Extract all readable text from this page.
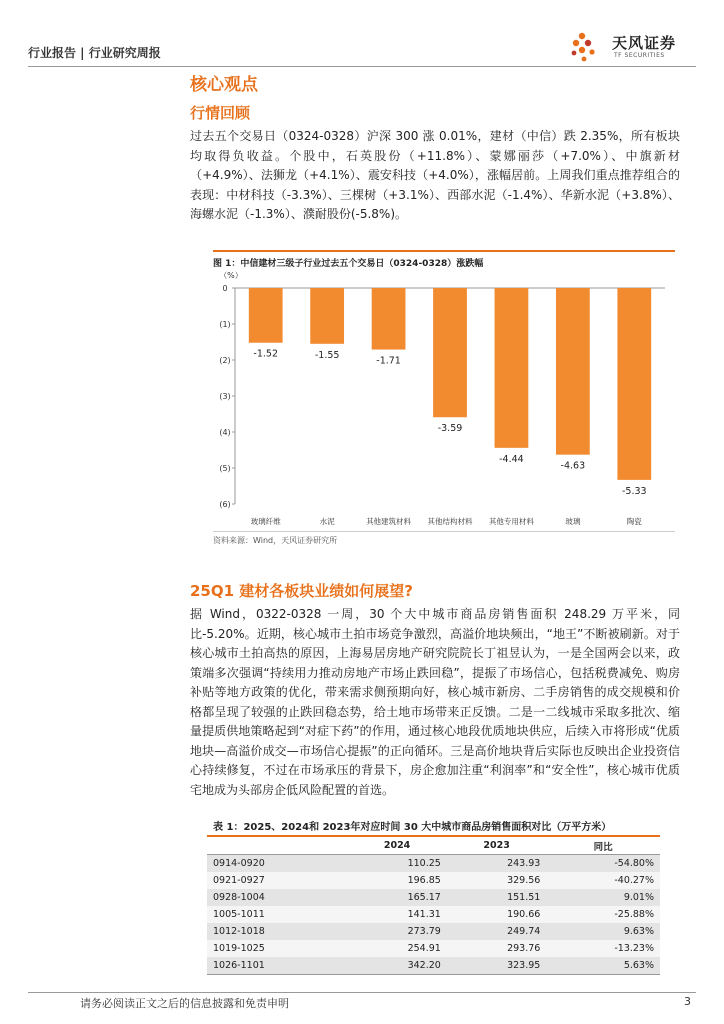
行业报告 | 行业研究周报
天风证券
TF SECURITIES
核心观点
行情回顾
过去五个交易日（0324-0328）沪深 300 涨 0.01%，建材（中信）跌 2.35%，所有板块均取得负收益。个股中，石英股份（+11.8%）、蒙娜丽莎（+7.0%）、中旗新材（+4.9%）、法狮龙（+4.1%）、震安科技（+4.0%），涨幅居前。上周我们重点推荐组合的表现：中材科技（-3.3%）、三棵树（+3.1%）、西部水泥（-1.4%）、华新水泥（+3.8%）、海螺水泥（-1.3%）、濮耐股份(-5.8%)。
图 1：中信建材三级子行业过去五个交易日（0324-0328）涨跌幅
（%）
0
(1)
(2)
(3)
(4)
(5)
(6)
-1.52
玻璃纤维
-1.55
水泥
-1.71
其他建筑材料
-3.59
其他结构材料
-4.44
其他专用材料
-4.63
玻璃
-5.33
陶瓷
资料来源：Wind，天风证券研究所
25Q1 建材各板块业绩如何展望?
据 Wind，0322-0328 一周，30 个大中城市商品房销售面积 248.29 万平米，同比-5.20%。近期，核心城市土拍市场竞争激烈，高溢价地块频出，“地王”不断被刷新。对于核心城市土拍高热的原因，上海易居房地产研究院院长丁祖昱认为，一是全国两会以来，政策端多次强调“持续用力推动房地产市场止跌回稳”，提振了市场信心，包括税费减免、购房补贴等地方政策的优化，带来需求侧预期向好，核心城市新房、二手房销售的成交规模和价格都呈现了较强的止跌回稳态势，给土地市场带来正反馈。二是一二线城市采取多批次、缩量提质供地策略起到“对症下药”的作用，通过核心地段优质地块供应，后续入市将形成“优质地块—高溢价成交—市场信心提振”的正向循环。三是高价地块背后实际也反映出企业投资信心持续修复，不过在市场承压的背景下，房企愈加注重“利润率”和“安全性”，核心城市优质宅地成为头部房企低风险配置的首选。
表 1：2025、2024和 2023年对应时间 30 大中城市商品房销售面积对比（万平方米）
	2024	2023	同比
0914-0920	110.25	243.93	-54.80%
0921-0927	196.85	329.56	-40.27%
0928-1004	165.17	151.51	9.01%
1005-1011	141.31	190.66	-25.88%
1012-1018	273.79	249.74	9.63%
1019-1025	254.91	293.76	-13.23%
1026-1101	342.20	323.95	5.63%
请务必阅读正文之后的信息披露和免责申明	3
